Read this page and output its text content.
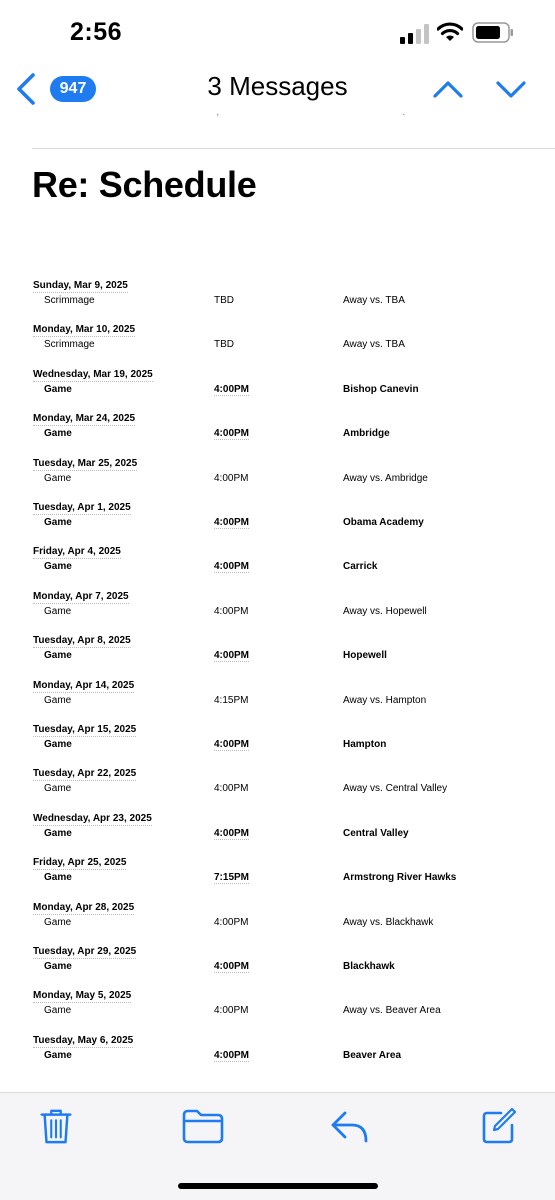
2:56
947	3 Messages
,	.
Re: Schedule
Sunday, Mar 9, 2025
Scrimmage	TBD	Away vs. TBA
Monday, Mar 10, 2025
Scrimmage	TBD	Away vs. TBA
Wednesday, Mar 19, 2025
Game	4:00PM	Bishop Canevin
Monday, Mar 24, 2025
Game	4:00PM	Ambridge
Tuesday, Mar 25, 2025
Game	4:00PM	Away vs. Ambridge
Tuesday, Apr 1, 2025
Game	4:00PM	Obama Academy
Friday, Apr 4, 2025
Game	4:00PM	Carrick
Monday, Apr 7, 2025
Game	4:00PM	Away vs. Hopewell
Tuesday, Apr 8, 2025
Game	4:00PM	Hopewell
Monday, Apr 14, 2025
Game	4:15PM	Away vs. Hampton
Tuesday, Apr 15, 2025
Game	4:00PM	Hampton
Tuesday, Apr 22, 2025
Game	4:00PM	Away vs. Central Valley
Wednesday, Apr 23, 2025
Game	4:00PM	Central Valley
Friday, Apr 25, 2025
Game	7:15PM	Armstrong River Hawks
Monday, Apr 28, 2025
Game	4:00PM	Away vs. Blackhawk
Tuesday, Apr 29, 2025
Game	4:00PM	Blackhawk
Monday, May 5, 2025
Game	4:00PM	Away vs. Beaver Area
Tuesday, May 6, 2025
Game	4:00PM	Beaver Area
